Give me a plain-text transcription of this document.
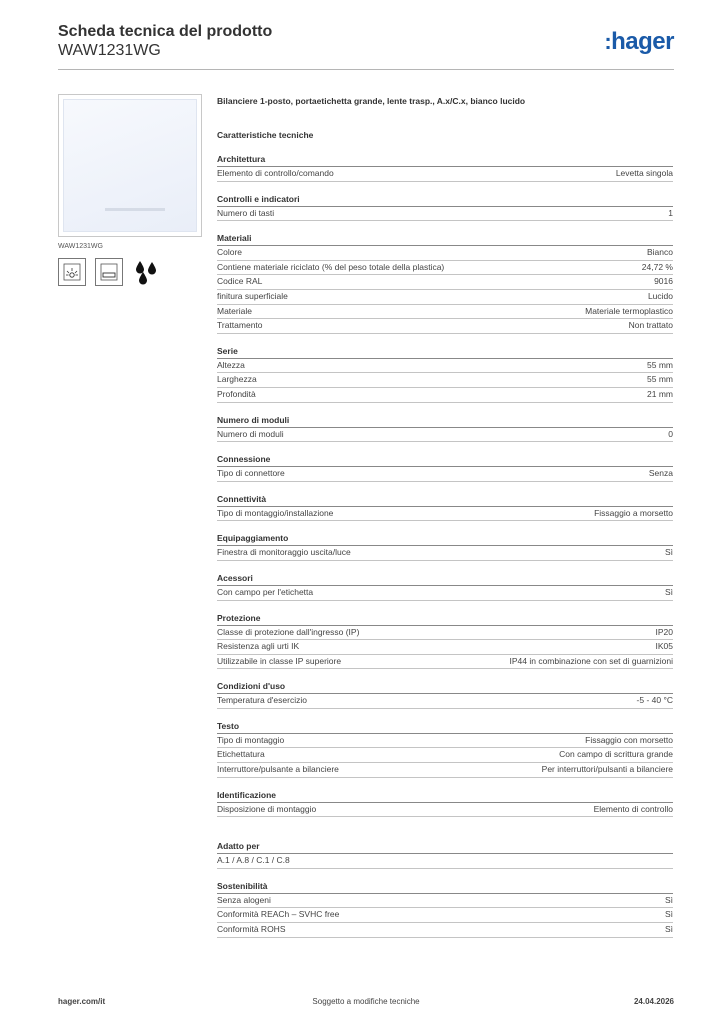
Scheda tecnica del prodotto
WAW1231WG	:hager
WAW1231WG
Bilanciere 1-posto, portaetichetta grande, lente trasp., A.x/C.x, bianco lucido
Caratteristiche tecniche
Architettura
Elemento di controllo/comando	Levetta singola
Controlli e indicatori
Numero di tasti	1
Materiali
Colore	Bianco
Contiene materiale riciclato (% del peso totale della plastica)	24,72 %
Codice RAL	9016
finitura superficiale	Lucido
Materiale	Materiale termoplastico
Trattamento	Non trattato
Serie
Altezza	55 mm
Larghezza	55 mm
Profondità	21 mm
Numero di moduli
Numero di moduli	0
Connessione
Tipo di connettore	Senza
Connettività
Tipo di montaggio/installazione	Fissaggio a morsetto
Equipaggiamento
Finestra di monitoraggio uscita/luce	Sì
Acessori
Con campo per l'etichetta	Sì
Protezione
Classe di protezione dall'ingresso (IP)	IP20
Resistenza agli urti IK	IK05
Utilizzabile in classe IP superiore	IP44 in combinazione con set di guarnizioni
Condizioni d'uso
Temperatura d'esercizio	-5 - 40 °C
Testo
Tipo di montaggio	Fissaggio con morsetto
Etichettatura	Con campo di scrittura grande
Interruttore/pulsante a bilanciere	Per interruttori/pulsanti a bilanciere
Identificazione
Disposizione di montaggio	Elemento di controllo
Adatto per
A.1 / A.8 / C.1 / C.8
Sostenibilità
Senza alogeni	Sì
Conformità REACh – SVHC free	Sì
Conformità ROHS	Sì
hager.com/it	Soggetto a modifiche tecniche	24.04.2026
